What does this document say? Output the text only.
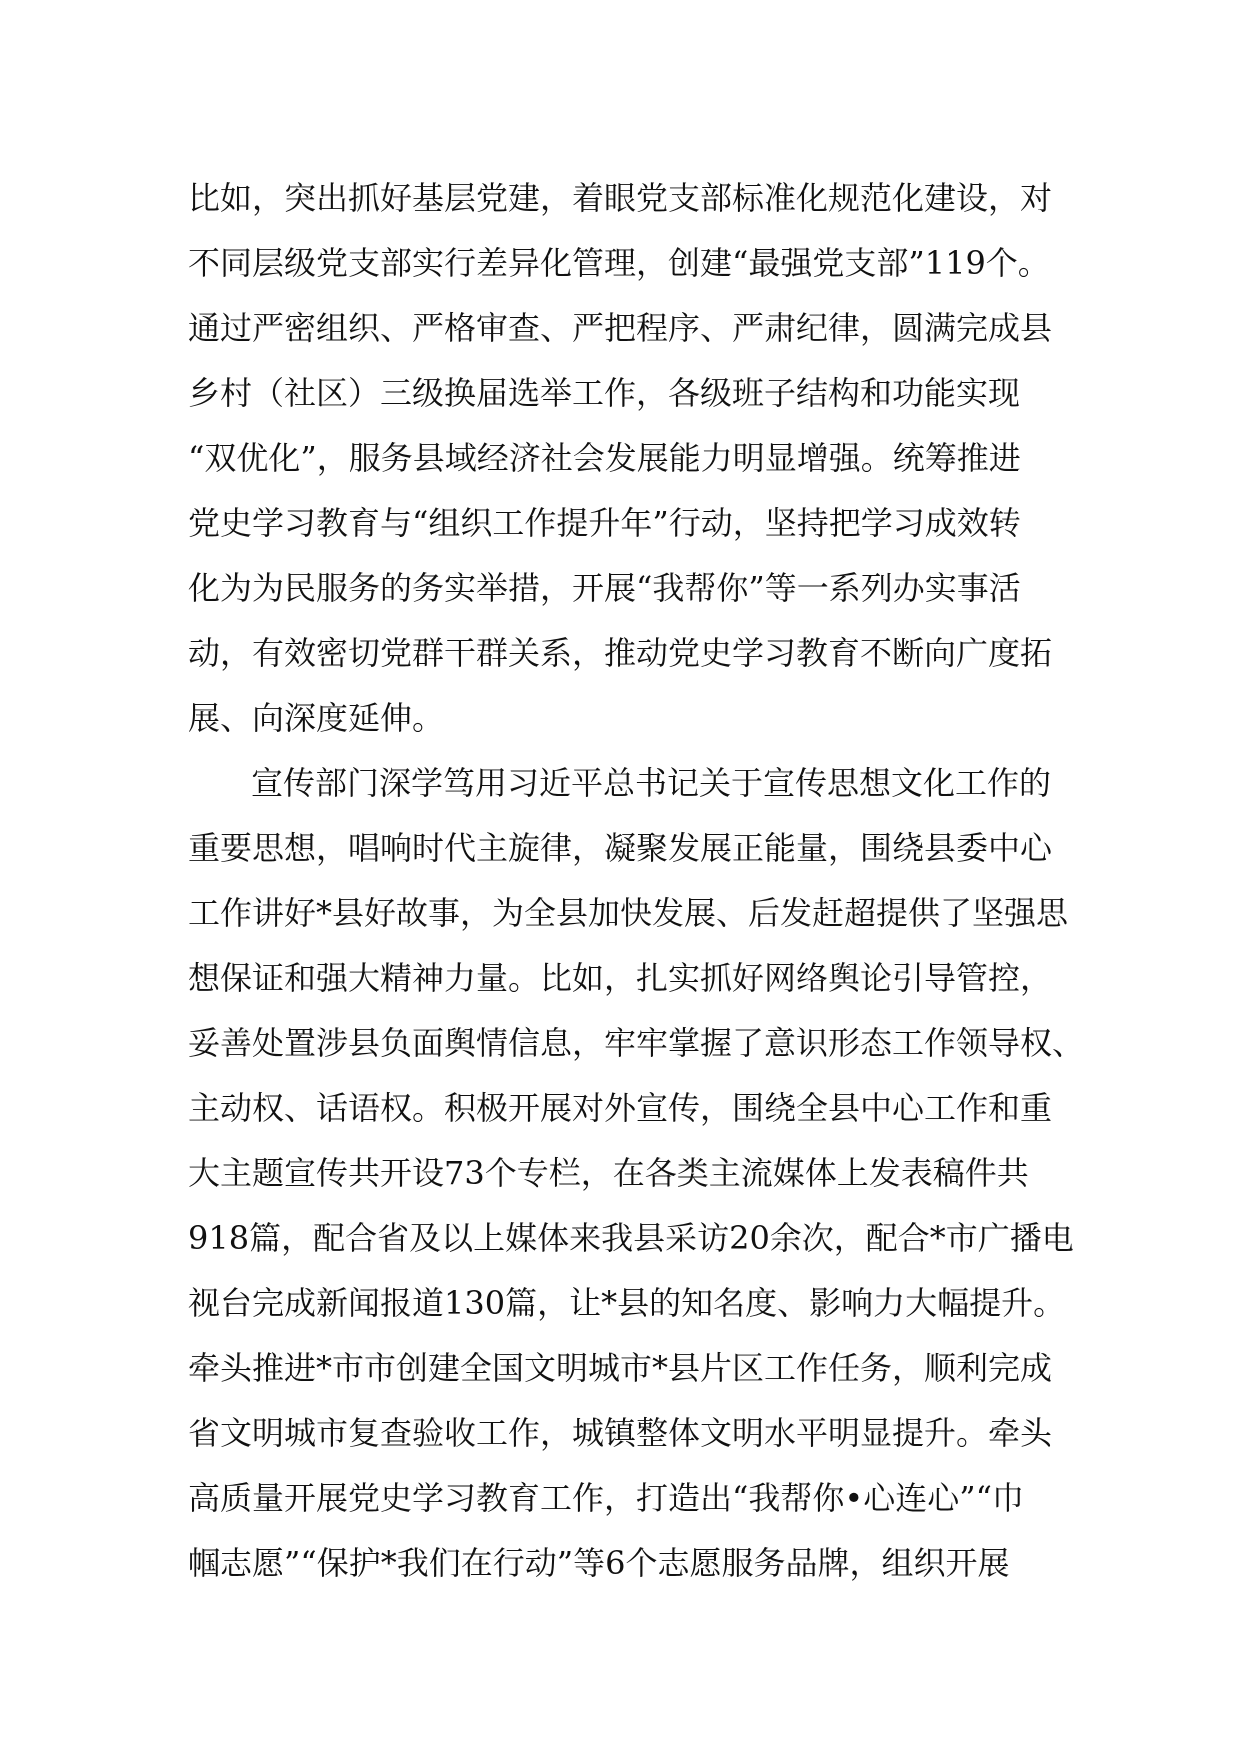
比如，突出抓好基层党建，着眼党支部标准化规范化建设，对
不同层级党支部实行差异化管理，创建“最强党支部”119个。
通过严密组织、严格审查、严把程序、严肃纪律，圆满完成县
乡村（社区）三级换届选举工作，各级班子结构和功能实现
“双优化”，服务县域经济社会发展能力明显增强。统筹推进
党史学习教育与“组织工作提升年”行动，坚持把学习成效转
化为为民服务的务实举措，开展“我帮你”等一系列办实事活
动，有效密切党群干群关系，推动党史学习教育不断向广度拓
展、向深度延伸。
宣传部门深学笃用习近平总书记关于宣传思想文化工作的
重要思想，唱响时代主旋律，凝聚发展正能量，围绕县委中心
工作讲好*县好故事，为全县加快发展、后发赶超提供了坚强思
想保证和强大精神力量。比如，扎实抓好网络舆论引导管控，
妥善处置涉县负面舆情信息，牢牢掌握了意识形态工作领导权、
主动权、话语权。积极开展对外宣传，围绕全县中心工作和重
大主题宣传共开设73个专栏，在各类主流媒体上发表稿件共
918篇，配合省及以上媒体来我县采访20余次，配合*市广播电
视台完成新闻报道130篇，让*县的知名度、影响力大幅提升。
牵头推进*市市创建全国文明城市*县片区工作任务，顺利完成
省文明城市复查验收工作，城镇整体文明水平明显提升。牵头
高质量开展党史学习教育工作，打造出“我帮你•心连心”“巾
帼志愿”“保护*我们在行动”等6个志愿服务品牌，组织开展
